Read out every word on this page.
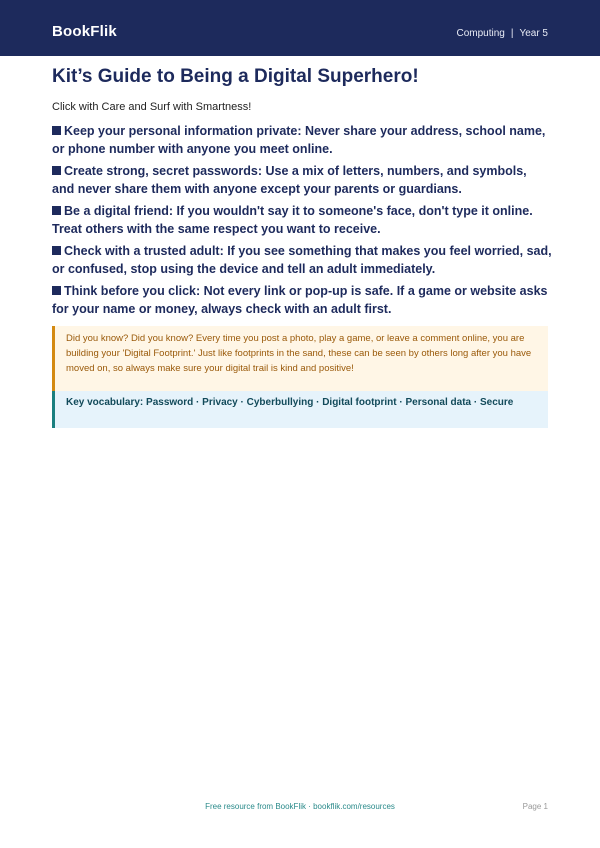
BookFlik	Computing | Year 5
Kit’s Guide to Being a Digital Superhero!
Click with Care and Surf with Smartness!
Keep your personal information private: Never share your address, school name, or phone number with anyone you meet online.
Create strong, secret passwords: Use a mix of letters, numbers, and symbols, and never share them with anyone except your parents or guardians.
Be a digital friend: If you wouldn't say it to someone's face, don't type it online. Treat others with the same respect you want to receive.
Check with a trusted adult: If you see something that makes you feel worried, sad, or confused, stop using the device and tell an adult immediately.
Think before you click: Not every link or pop-up is safe. If a game or website asks for your name or money, always check with an adult first.

Did you know? Did you know? Every time you post a photo, play a game, or leave a comment online, you are building your 'Digital Footprint.' Just like footprints in the sand, these can be seen by others long after you have moved on, so always make sure your digital trail is kind and positive!

Key vocabulary: Password · Privacy · Cyberbullying · Digital footprint · Personal data · Secure

Free resource from BookFlik · bookflik.com/resources	Page 1
